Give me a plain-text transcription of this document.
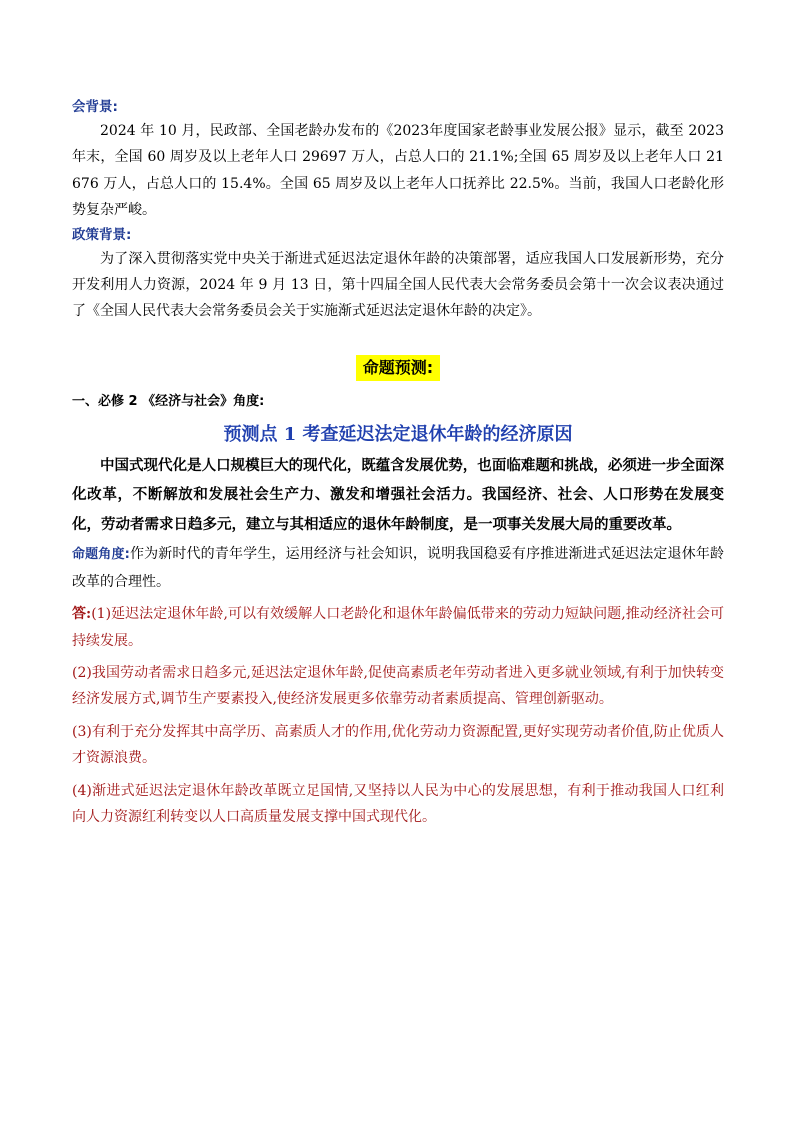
会背景:

2024 年 10 月，民政部、全国老龄办发布的《2023年度国家老龄事业发展公报》显示，截至 2023 年末，全国 60 周岁及以上老年人口 29697 万人，占总人口的 21.1%;全国 65 周岁及以上老年人口 21 676 万人，占总人口的 15.4%。全国 65 周岁及以上老年人口抚养比 22.5%。当前，我国人口老龄化形势复杂严峻。

政策背景:

为了深入贯彻落实党中央关于渐进式延迟法定退休年龄的决策部署，适应我国人口发展新形势，充分开发利用人力资源，2024 年 9 月 13 日，第十四届全国人民代表大会常务委员会第十一次会议表决通过了《全国人民代表大会常务委员会关于实施渐式延迟法定退休年龄的决定》。

命题预测:

一、必修 2 《经济与社会》角度:

预测点 1 考查延迟法定退休年龄的经济原因

中国式现代化是人口规模巨大的现代化，既蕴含发展优势，也面临难题和挑战，必须进一步全面深化改革，不断解放和发展社会生产力、激发和增强社会活力。我国经济、社会、人口形势在发展变化，劳动者需求日趋多元，建立与其相适应的退休年龄制度，是一项事关发展大局的重要改革。

命题角度:作为新时代的青年学生，运用经济与社会知识，说明我国稳妥有序推进渐进式延迟法定退休年龄改革的合理性。

答:(1)延迟法定退休年龄,可以有效缓解人口老龄化和退休年龄偏低带来的劳动力短缺问题,推动经济社会可持续发展。

(2)我国劳动者需求日趋多元,延迟法定退休年龄,促使高素质老年劳动者进入更多就业领域,有利于加快转变经济发展方式,调节生产要素投入,使经济发展更多依靠劳动者素质提高、管理创新驱动。

(3)有利于充分发挥其中高学历、高素质人才的作用,优化劳动力资源配置,更好实现劳动者价值,防止优质人才资源浪费。

(4)渐进式延迟法定退休年龄改革既立足国情,又坚持以人民为中心的发展思想，有利于推动我国人口红利向人力资源红利转变以人口高质量发展支撑中国式现代化。
